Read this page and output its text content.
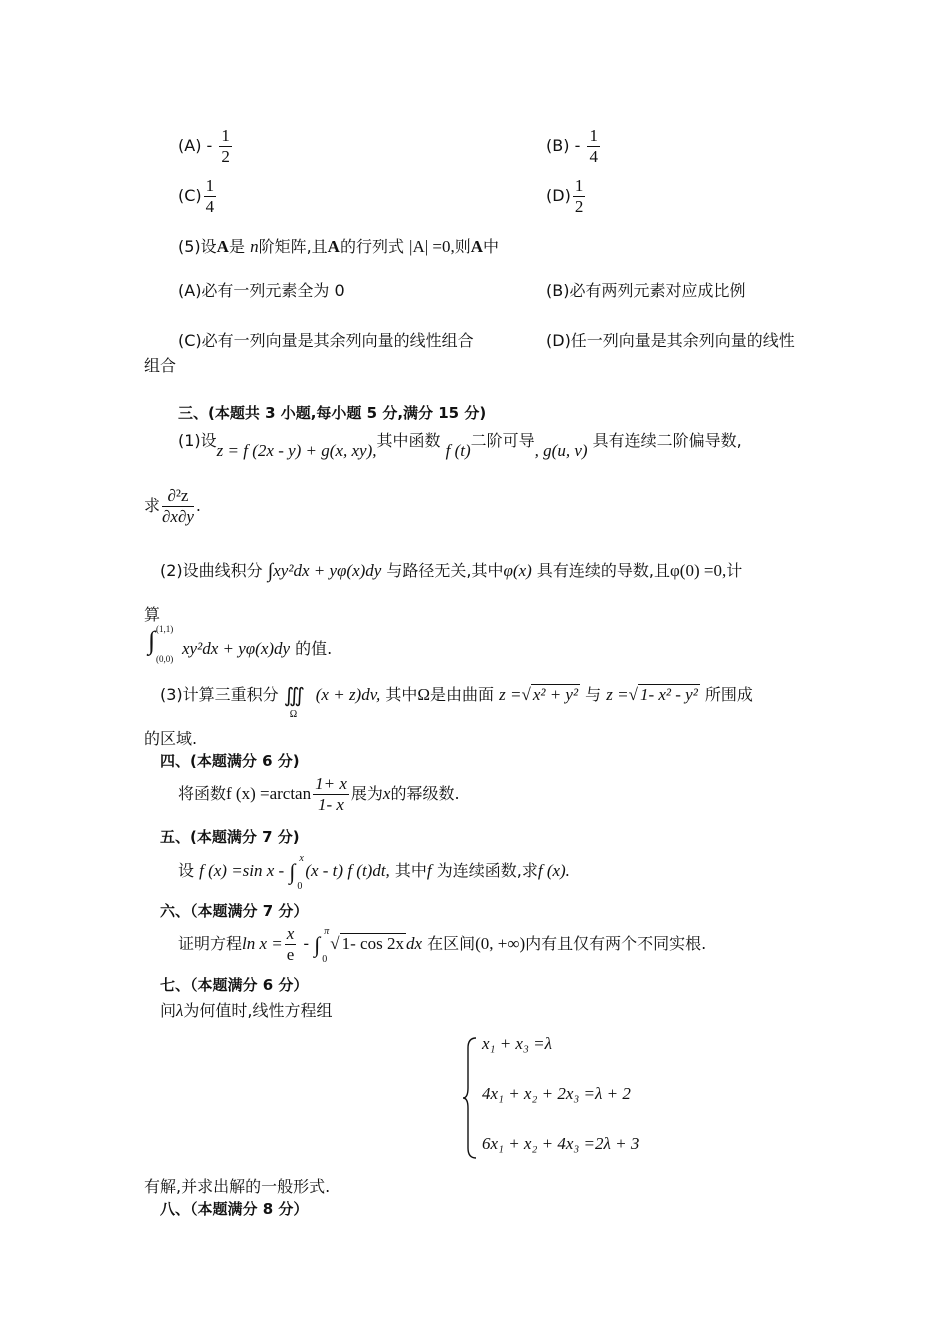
$(A) - \frac{1}{2}$	$(B) - \frac{1}{4}$
$(C) \frac{1}{4}$	$(D) \frac{1}{2}$
(5)设A是 n阶矩阵,且A的行列式 |A| =0,则A中
(A)必有一列元素全为 0	(B)必有两列元素对应成比例
(C)必有一列向量是其余列向量的线性组合	(D)任一列向量是其余列向量的线性
组合
三、(本题共 3 小题,每小题 5 分,满分 15 分)
(1)设z = f (2x - y) + g(x, xy),其中函数 f (t)二阶可导, g(u, v) 具有连续二阶偏导数,
求 $\frac{\text{∂²z}}{\partial x\partial y}$ .
(2)设曲线积分 ∫xy²dx + yφ(x)dy 与路径无关,其中φ(x) 具有连续的导数,且φ(0) =0,计
算
∫ (1,1)
(0,0)
xy²dx + yφ(x)dy 的值.
(3)计算三重积分 ∭
Ω
(x + z)dv, 其中Ω是由曲面 z =√ x² + y² 与 z =√ 1- x² - y² 所围成
的区域.
四、(本题满分 6 分)
将函数f $(x) =\arctan \frac{1+ x}{1- x}$ 展为x的幂级数.
五、(本题满分 7 分)
设 f (x) =sin x - ∫
x
0
(x - t) f (t)dt, 其中f 为连续函数,求f (x).
六、（本题满分 7 分）
证明方程$\ln x = \frac{x}{e}$ - ∫
π
0
√ 1- cos 2x dx 在区间(0, +∞)内有且仅有两个不同实根.
七、（本题满分 6 分）
问λ为何值时,线性方程组
x₁ + x₃ =λ
4x₁ + x₂ + 2x₃ =λ + 2
6x₁ + x₂ + 4x₃ =2λ + 3
有解,并求出解的一般形式.
八、（本题满分 8 分）
